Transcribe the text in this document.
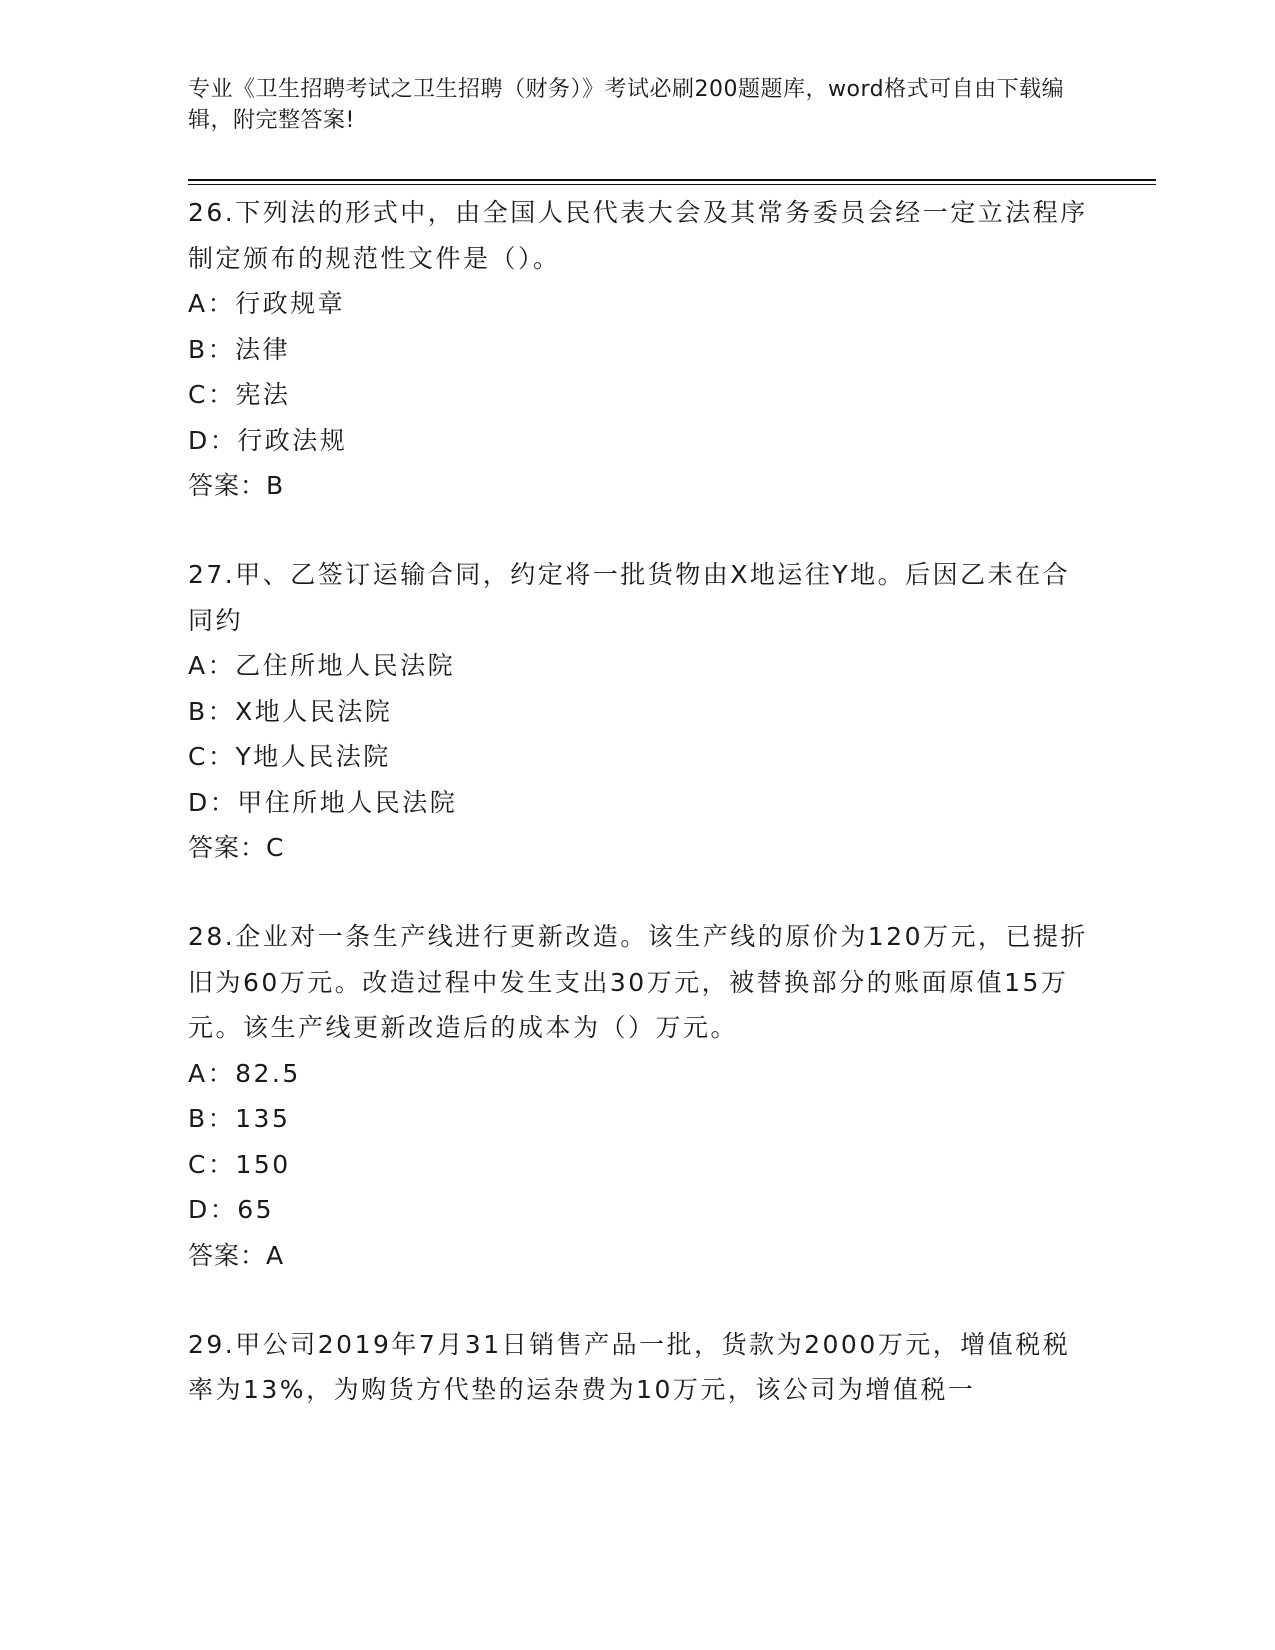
专业《卫生招聘考试之卫生招聘（财务）》考试必刷200题题库，word格式可自由下载编辑，附完整答案!

26.下列法的形式中，由全国人民代表大会及其常务委员会经一定立法程序制定颁布的规范性文件是（）。

A：行政规章

B：法律

C：宪法

D：行政法规

答案：B

27.甲、乙签订运输合同，约定将一批货物由X地运往Y地。后因乙未在合同约

A：乙住所地人民法院

B：X地人民法院

C：Y地人民法院

D：甲住所地人民法院

答案：C

28.企业对一条生产线进行更新改造。该生产线的原价为120万元，已提折旧为60万元。改造过程中发生支出30万元，被替换部分的账面原值15万元。该生产线更新改造后的成本为（）万元。

A：82.5

B：135

C：150

D：65

答案：A

29.甲公司2019年7月31日销售产品一批，货款为2000万元，增值税税率为13%，为购货方代垫的运杂费为10万元，该公司为增值税一
